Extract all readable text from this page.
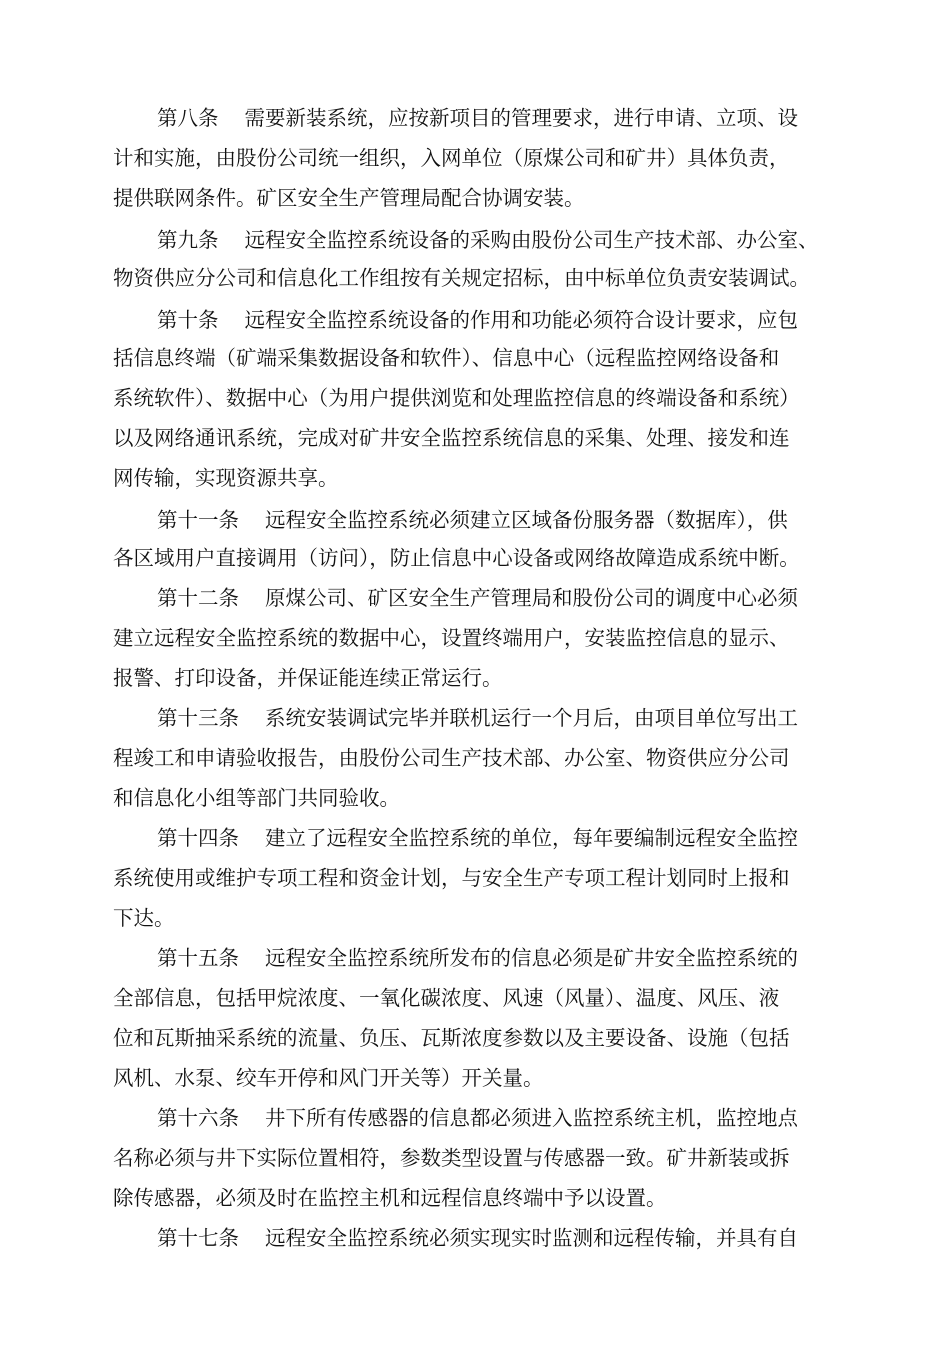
第八条 需要新装系统，应按新项目的管理要求，进行申请、立项、设
计和实施，由股份公司统一组织，入网单位（原煤公司和矿井）具体负责，
提供联网条件。矿区安全生产管理局配合协调安装。
第九条 远程安全监控系统设备的采购由股份公司生产技术部、办公室、
物资供应分公司和信息化工作组按有关规定招标，由中标单位负责安装调试。
第十条 远程安全监控系统设备的作用和功能必须符合设计要求，应包
括信息终端（矿端采集数据设备和软件）、信息中心（远程监控网络设备和
系统软件）、数据中心（为用户提供浏览和处理监控信息的终端设备和系统）
以及网络通讯系统，完成对矿井安全监控系统信息的采集、处理、接发和连
网传输，实现资源共享。
第十一条 远程安全监控系统必须建立区域备份服务器（数据库），供
各区域用户直接调用（访问），防止信息中心设备或网络故障造成系统中断。
第十二条 原煤公司、矿区安全生产管理局和股份公司的调度中心必须
建立远程安全监控系统的数据中心，设置终端用户，安装监控信息的显示、
报警、打印设备，并保证能连续正常运行。
第十三条 系统安装调试完毕并联机运行一个月后，由项目单位写出工
程竣工和申请验收报告，由股份公司生产技术部、办公室、物资供应分公司
和信息化小组等部门共同验收。
第十四条 建立了远程安全监控系统的单位，每年要编制远程安全监控
系统使用或维护专项工程和资金计划，与安全生产专项工程计划同时上报和
下达。
第十五条 远程安全监控系统所发布的信息必须是矿井安全监控系统的
全部信息，包括甲烷浓度、一氧化碳浓度、风速（风量）、温度、风压、液
位和瓦斯抽采系统的流量、负压、瓦斯浓度参数以及主要设备、设施（包括
风机、水泵、绞车开停和风门开关等）开关量。
第十六条 井下所有传感器的信息都必须进入监控系统主机，监控地点
名称必须与井下实际位置相符，参数类型设置与传感器一致。矿井新装或拆
除传感器，必须及时在监控主机和远程信息终端中予以设置。
第十七条 远程安全监控系统必须实现实时监测和远程传输，并具有自
